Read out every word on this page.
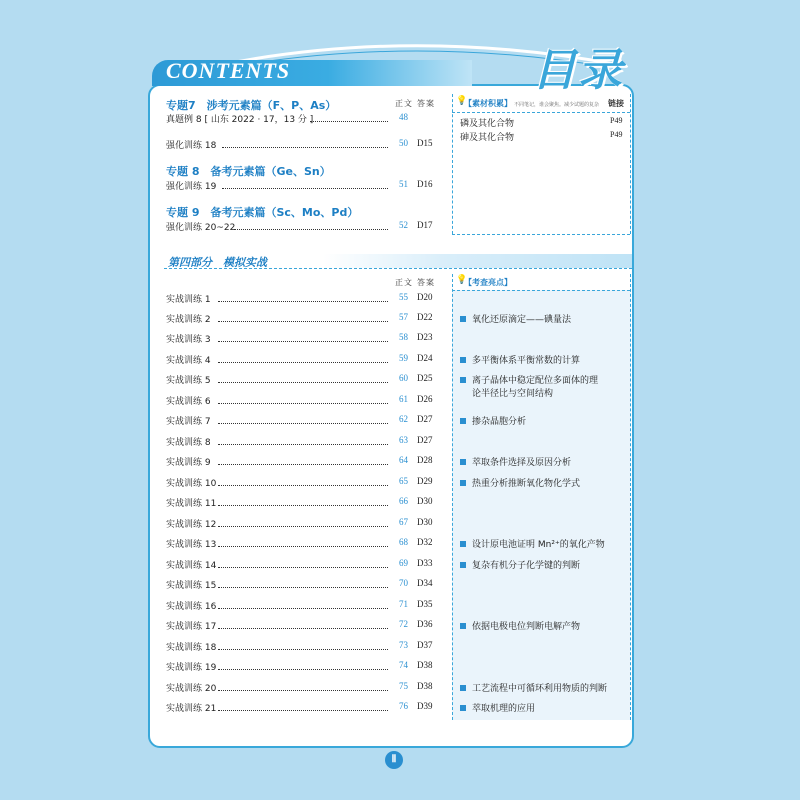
CONTENTS	目录
正文 答案
专题7　涉考元素篇（F、P、As）
真题例 8 [ 山东 2022 · 17，13 分 ]	48
强化训练 18	50 D15
专题 8　备考元素篇（Ge、Sn）
强化训练 19	51 D16
专题 9　备考元素篇（Sc、Mo、Pd）
强化训练 20~22	52 D17
💡
【素材积累】 不同笔记，谁会聚焦。减少试题的复杂 链接
磷及其化合物	P49
砷及其化合物	P49
第四部分　模拟实战
正文 答案 💡
【考查亮点】
实战训练 1	55 D20
实战训练 2	57 D22	氧化还原滴定——碘量法
实战训练 3	58 D23
实战训练 4	59 D24	多平衡体系平衡常数的计算
实战训练 5	60 D25	离子晶体中稳定配位多面体的理
论半径比与空间结构
实战训练 6	61 D26
实战训练 7	62 D27	掺杂晶胞分析
实战训练 8	63 D27
实战训练 9	64 D28	萃取条件选择及原因分析
实战训练 10	65 D29	热重分析推断氧化物化学式
实战训练 11	66 D30
实战训练 12	67 D30
实战训练 13	68 D32	设计原电池证明 Mn²⁺的氧化产物
实战训练 14	69 D33	复杂有机分子化学键的判断
实战训练 15	70 D34
实战训练 16	71 D35
实战训练 17	72 D36	依据电极电位判断电解产物
实战训练 18	73 D37
实战训练 19	74 D38
实战训练 20	75 D38	工艺流程中可循环利用物质的判断
实战训练 21	76 D39	萃取机理的应用
Ⅱ
